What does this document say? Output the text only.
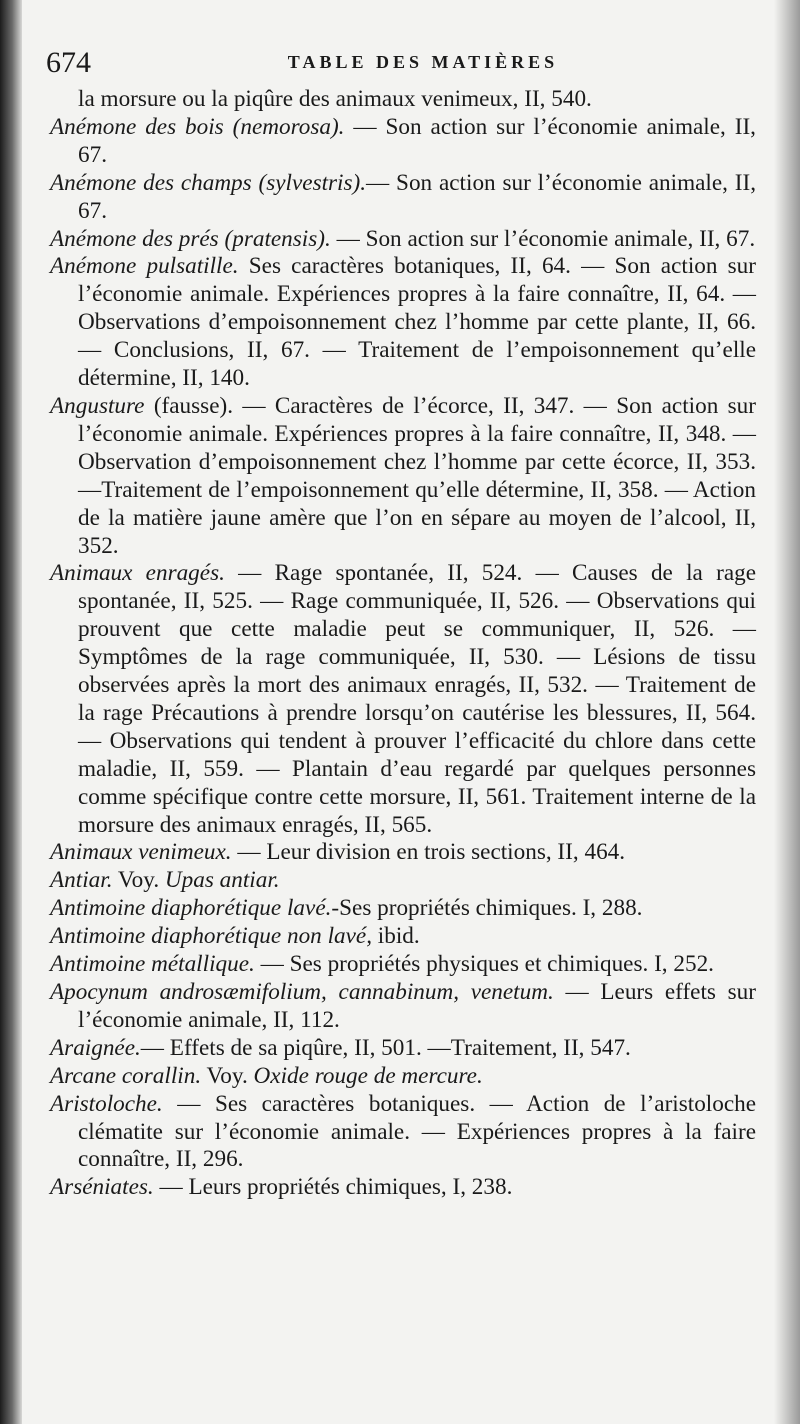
674	TABLE DES MATIÈRES

la morsure ou la piqûre des animaux venimeux, II, 540.

Anémone des bois (nemorosa). — Son action sur l’économie animale, II, 67.

Anémone des champs (sylvestris).— Son action sur l’économie animale, II, 67.

Anémone des prés (pratensis). — Son action sur l’économie animale, II, 67.

Anémone pulsatille. Ses caractères botaniques, II, 64. — Son action sur l’économie animale. Expériences propres à la faire connaître, II, 64. — Observations d’empoisonnement chez l’homme par cette plante, II, 66. — Conclusions, II, 67. — Traitement de l’empoisonnement qu’elle détermine, II, 140.

Angusture (fausse). — Caractères de l’écorce, II, 347. — Son action sur l’économie animale. Expériences propres à la faire connaître, II, 348. — Observation d’empoisonnement chez l’homme par cette écorce, II, 353. —Traitement de l’empoisonnement qu’elle détermine, II, 358. — Action de la matière jaune amère que l’on en sépare au moyen de l’alcool, II, 352.

Animaux enragés. — Rage spontanée, II, 524. — Causes de la rage spontanée, II, 525. — Rage communiquée, II, 526. — Observations qui prouvent que cette maladie peut se communiquer, II, 526. — Symptômes de la rage communiquée, II, 530. — Lésions de tissu observées après la mort des animaux enragés, II, 532. — Traitement de la rage Précautions à prendre lorsqu’on cautérise les blessures, II, 564. — Observations qui tendent à prouver l’efficacité du chlore dans cette maladie, II, 559. — Plantain d’eau regardé par quelques personnes comme spécifique contre cette morsure, II, 561. Traitement interne de la morsure des animaux enragés, II, 565.

Animaux venimeux. — Leur division en trois sections, II, 464.

Antiar. Voy. Upas antiar.

Antimoine diaphorétique lavé.-Ses propriétés chimiques. I, 288.

Antimoine diaphorétique non lavé, ibid.

Antimoine métallique. — Ses propriétés physiques et chimiques. I, 252.

Apocynum androsæmifolium, cannabinum, venetum. — Leurs effets sur l’économie animale, II, 112.

Araignée.— Effets de sa piqûre, II, 501. —Traitement, II, 547.

Arcane corallin. Voy. Oxide rouge de mercure.

Aristoloche. — Ses caractères botaniques. — Action de l’aristoloche clématite sur l’économie animale. — Expériences propres à la faire connaître, II, 296.

Arséniates. — Leurs propriétés chimiques, I, 238.
